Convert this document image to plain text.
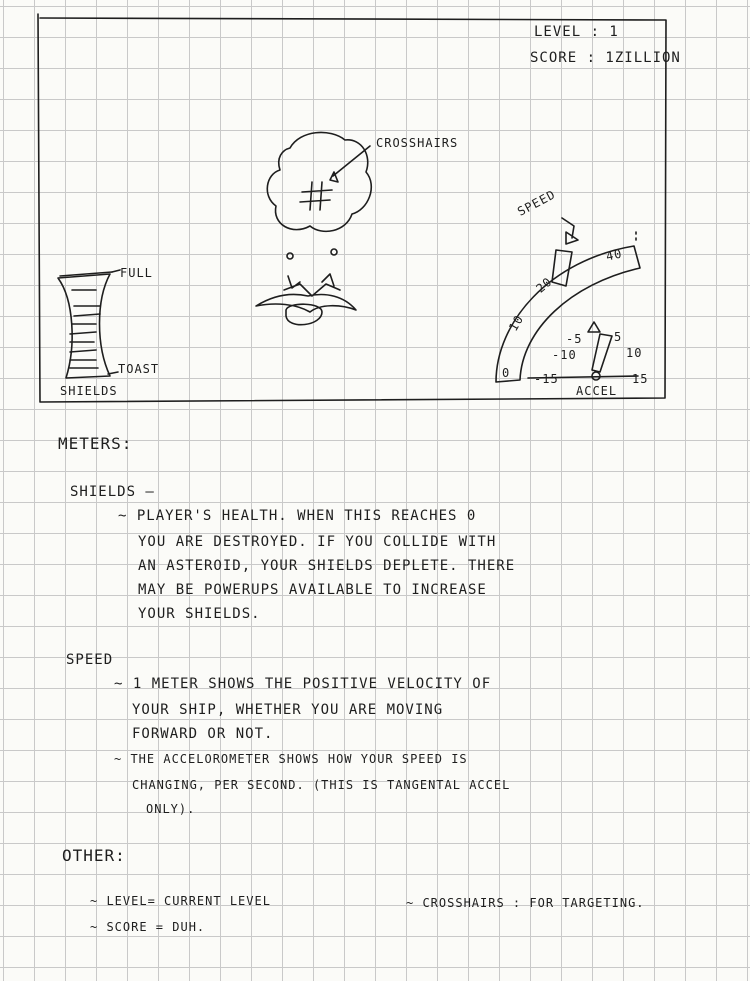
LEVEL : 1
SCORE : 1ZILLION
CROSSHAIRS
SPEED
FULL
TOAST
SHIELDS	ACCEL
0
10
20
40
-15
-10
-5	5
10
15
METERS:
SHIELDS —
~ PLAYER'S HEALTH. WHEN THIS REACHES 0
YOU ARE DESTROYED. IF YOU COLLIDE WITH
AN ASTEROID, YOUR SHIELDS DEPLETE. THERE
MAY BE POWERUPS AVAILABLE TO INCREASE
YOUR SHIELDS.
SPEED
~ 1 METER SHOWS THE POSITIVE VELOCITY OF
YOUR SHIP, WHETHER YOU ARE MOVING
FORWARD OR NOT.
~ THE ACCELOROMETER SHOWS HOW YOUR SPEED IS
CHANGING, PER SECOND. (THIS IS TANGENTAL ACCEL
ONLY).
OTHER:
~ LEVEL= CURRENT LEVEL
~ SCORE = DUH.
~ CROSSHAIRS : FOR TARGETING.
